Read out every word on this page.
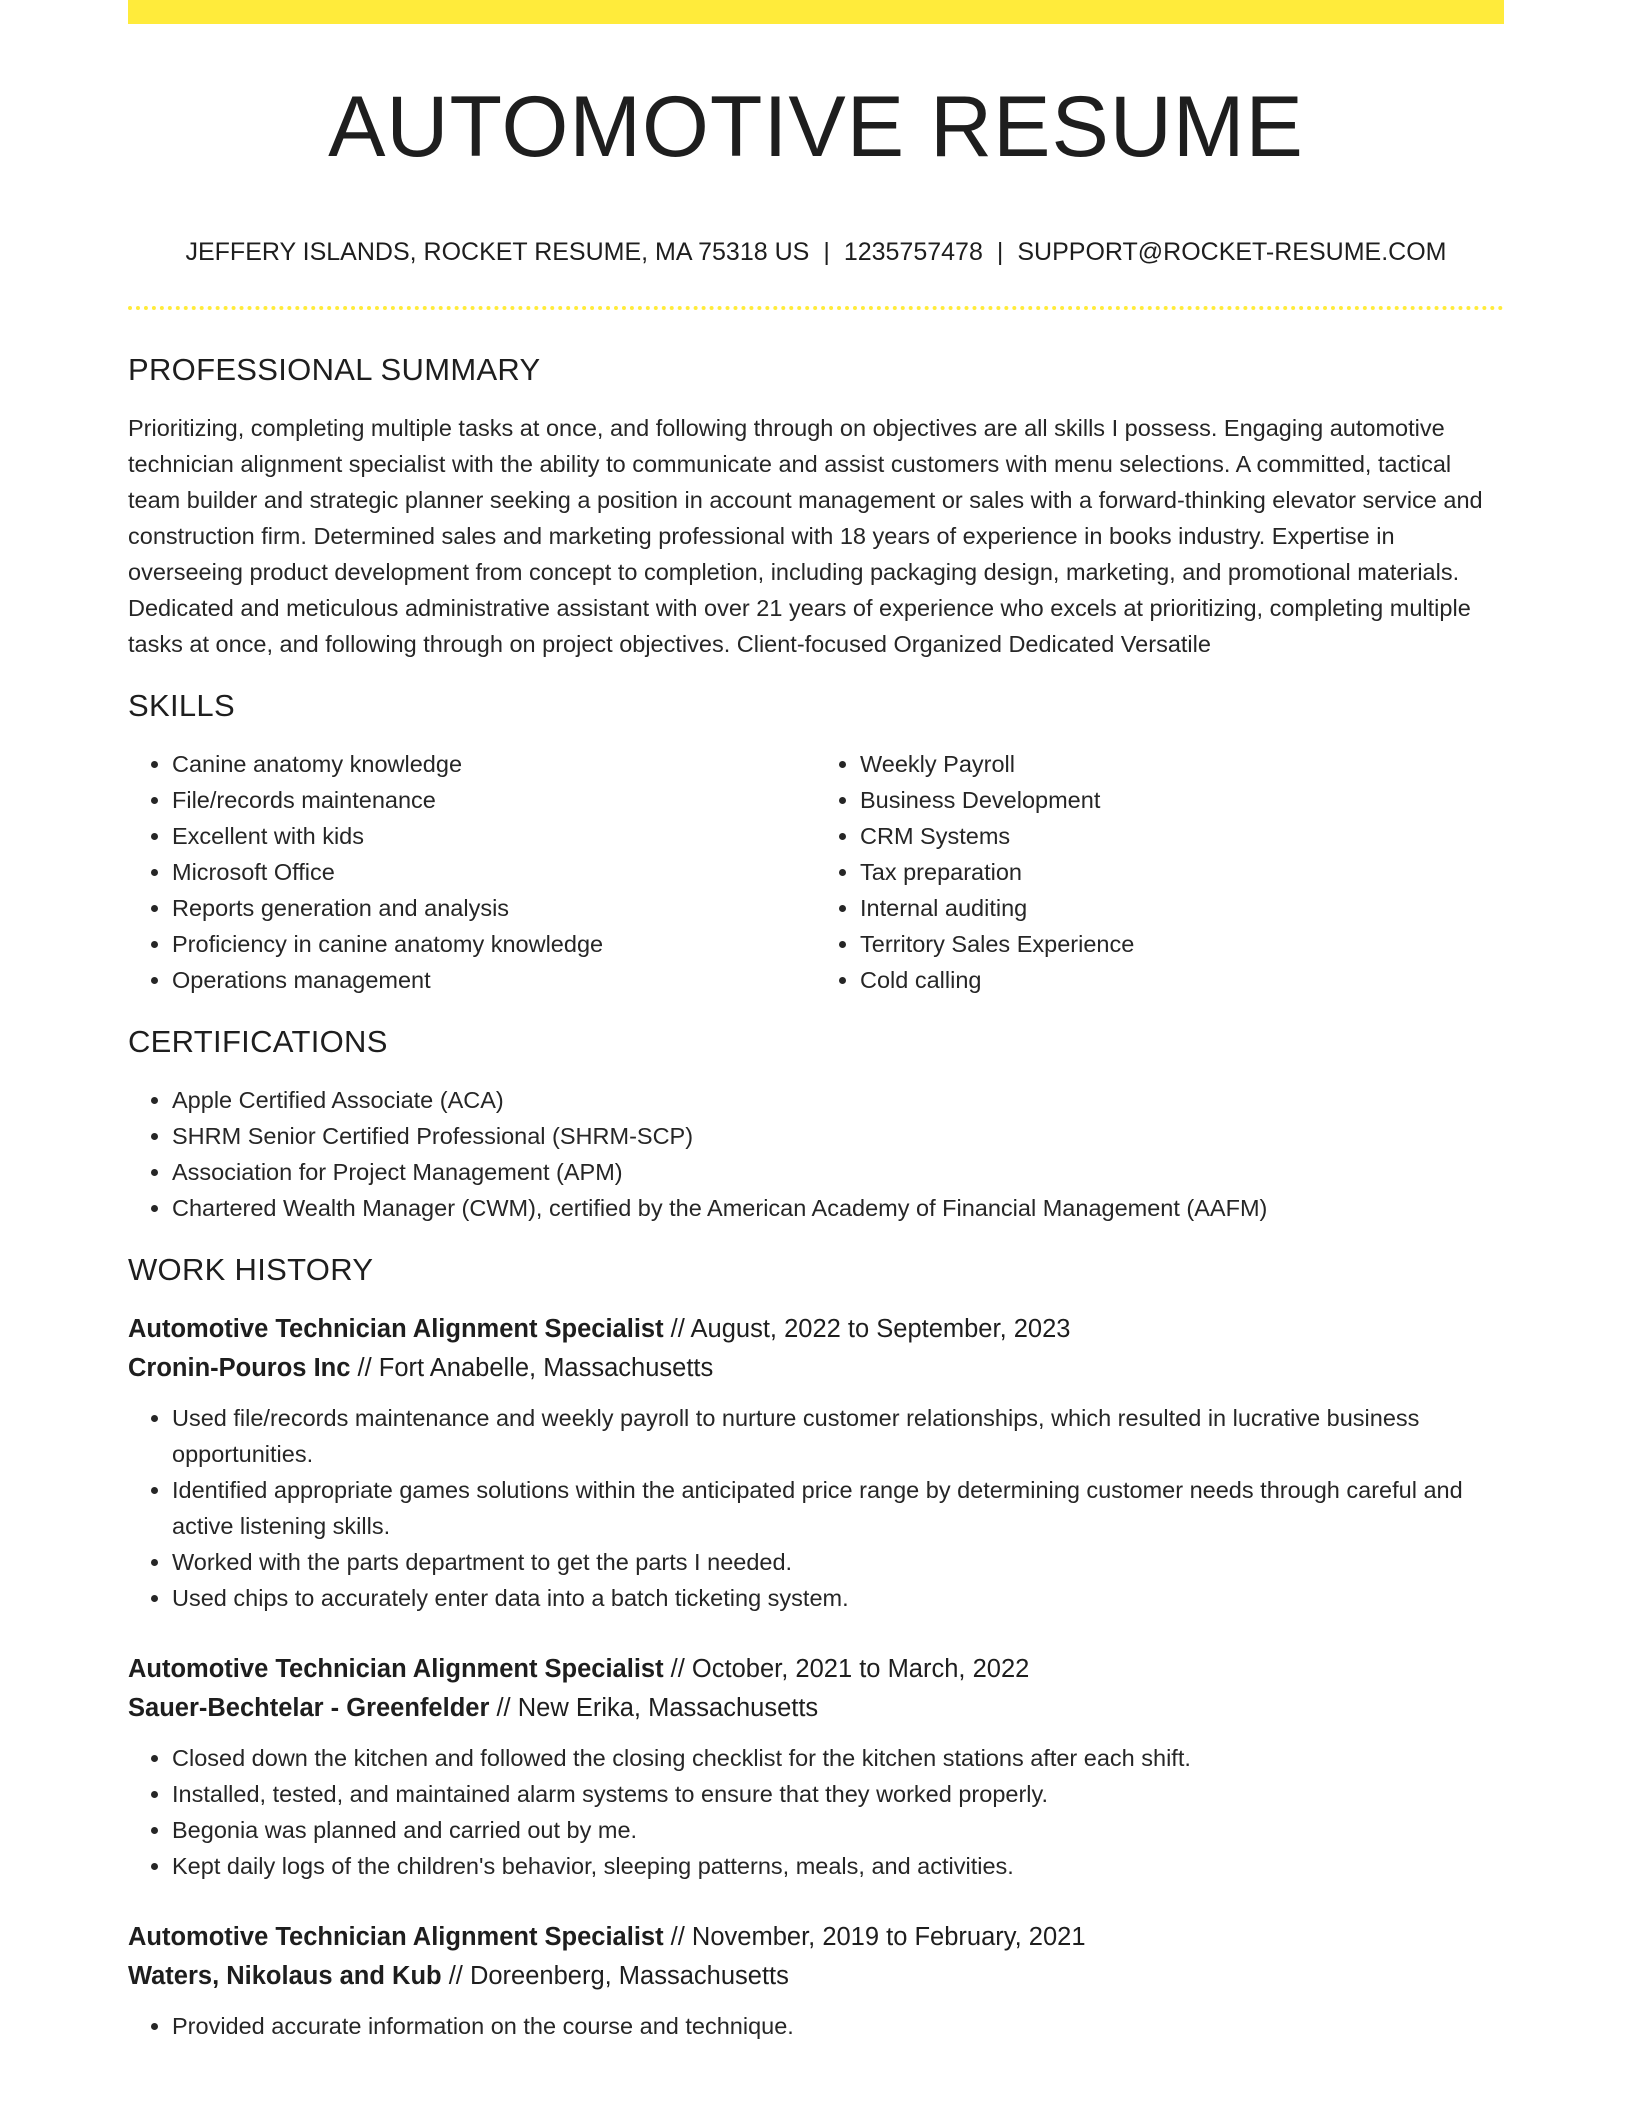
AUTOMOTIVE RESUME
JEFFERY ISLANDS, ROCKET RESUME, MA 75318 US | 1235757478 | SUPPORT@ROCKET-RESUME.COM
PROFESSIONAL SUMMARY

Prioritizing, completing multiple tasks at once, and following through on objectives are all skills I possess. Engaging automotive technician alignment specialist with the ability to communicate and assist customers with menu selections. A committed, tactical team builder and strategic planner seeking a position in account management or sales with a forward-thinking elevator service and construction firm. Determined sales and marketing professional with 18 years of experience in books industry. Expertise in overseeing product development from concept to completion, including packaging design, marketing, and promotional materials. Dedicated and meticulous administrative assistant with over 21 years of experience who excels at prioritizing, completing multiple tasks at once, and following through on project objectives. Client-focused Organized Dedicated Versatile

SKILLS
• Canine anatomy knowledge
• File/records maintenance
• Excellent with kids
• Microsoft Office
• Reports generation and analysis
• Proficiency in canine anatomy knowledge
• Operations management
• Weekly Payroll
• Business Development
• CRM Systems
• Tax preparation
• Internal auditing
• Territory Sales Experience
• Cold calling
CERTIFICATIONS
• Apple Certified Associate (ACA)
• SHRM Senior Certified Professional (SHRM-SCP)
• Association for Project Management (APM)
• Chartered Wealth Manager (CWM), certified by the American Academy of Financial Management (AAFM)
WORK HISTORY
Automotive Technician Alignment Specialist // August, 2022 to September, 2023
Cronin-Pouros Inc // Fort Anabelle, Massachusetts
• Used file/records maintenance and weekly payroll to nurture customer relationships, which resulted in lucrative business opportunities.
• Identified appropriate games solutions within the anticipated price range by determining customer needs through careful and active listening skills.
• Worked with the parts department to get the parts I needed.
• Used chips to accurately enter data into a batch ticketing system.
Automotive Technician Alignment Specialist // October, 2021 to March, 2022
Sauer-Bechtelar - Greenfelder // New Erika, Massachusetts
• Closed down the kitchen and followed the closing checklist for the kitchen stations after each shift.
• Installed, tested, and maintained alarm systems to ensure that they worked properly.
• Begonia was planned and carried out by me.
• Kept daily logs of the children's behavior, sleeping patterns, meals, and activities.
Automotive Technician Alignment Specialist // November, 2019 to February, 2021
Waters, Nikolaus and Kub // Doreenberg, Massachusetts
• Provided accurate information on the course and technique.
